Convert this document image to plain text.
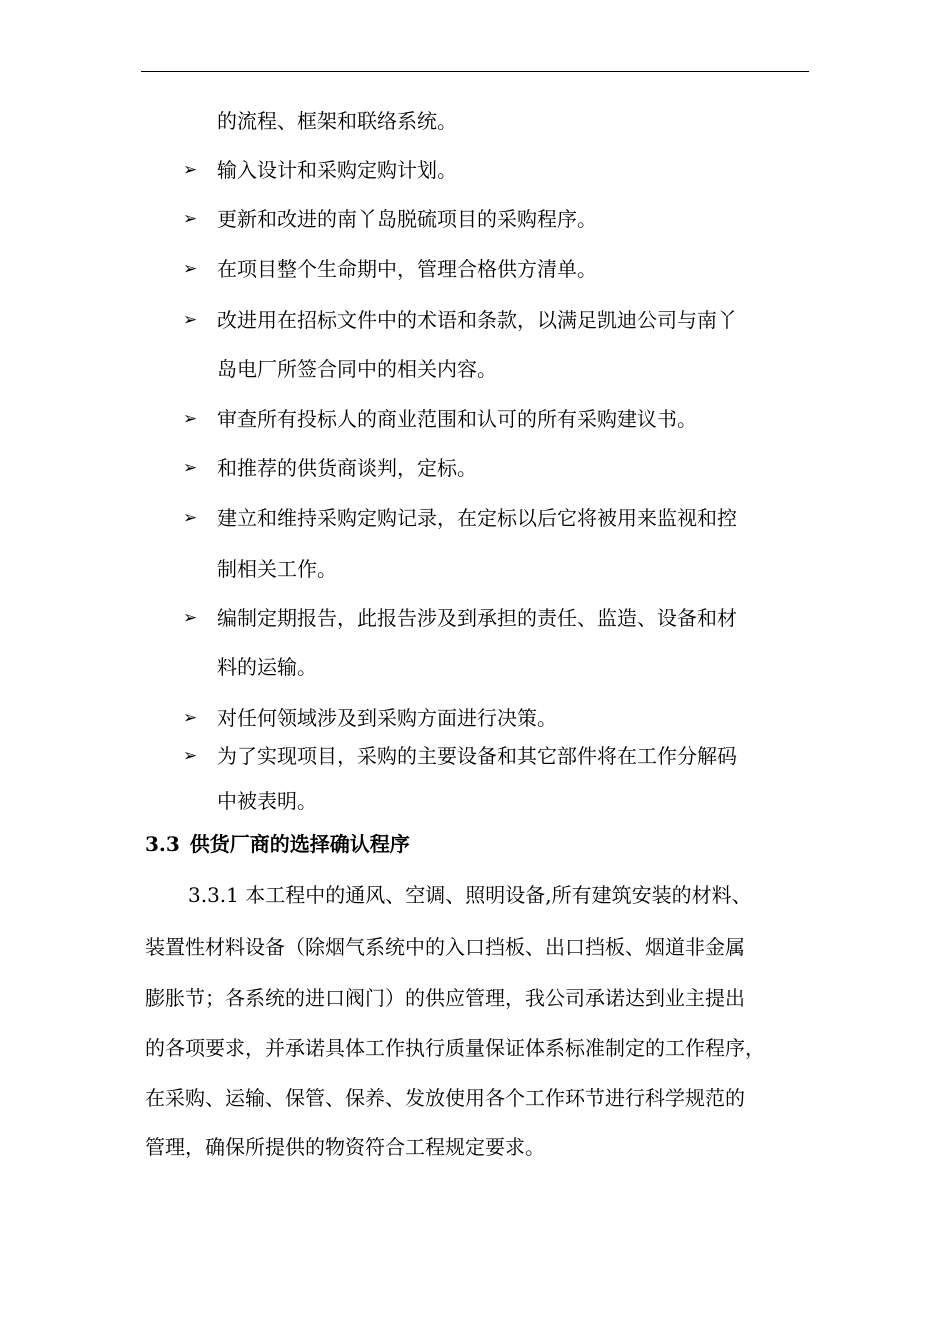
的流程、框架和联络系统。
➢ 输入设计和采购定购计划。
➢ 更新和改进的南丫岛脱硫项目的采购程序。
➢ 在项目整个生命期中，管理合格供方清单。
➢ 改进用在招标文件中的术语和条款，以满足凯迪公司与南丫
岛电厂所签合同中的相关内容。
➢ 审查所有投标人的商业范围和认可的所有采购建议书。
➢ 和推荐的供货商谈判，定标。
➢ 建立和维持采购定购记录，在定标以后它将被用来监视和控
制相关工作。
➢ 编制定期报告，此报告涉及到承担的责任、监造、设备和材
料的运输。
➢ 对任何领域涉及到采购方面进行决策。
➢ 为了实现项目，采购的主要设备和其它部件将在工作分解码
中被表明。
3.3 供货厂商的选择确认程序
3.3.1 本工程中的通风、空调、照明设备,所有建筑安装的材料、
装置性材料设备（除烟气系统中的入口挡板、出口挡板、烟道非金属
膨胀节；各系统的进口阀门）的供应管理，我公司承诺达到业主提出
的各项要求，并承诺具体工作执行质量保证体系标准制定的工作程序，
在采购、运输、保管、保养、发放使用各个工作环节进行科学规范的
管理，确保所提供的物资符合工程规定要求。
